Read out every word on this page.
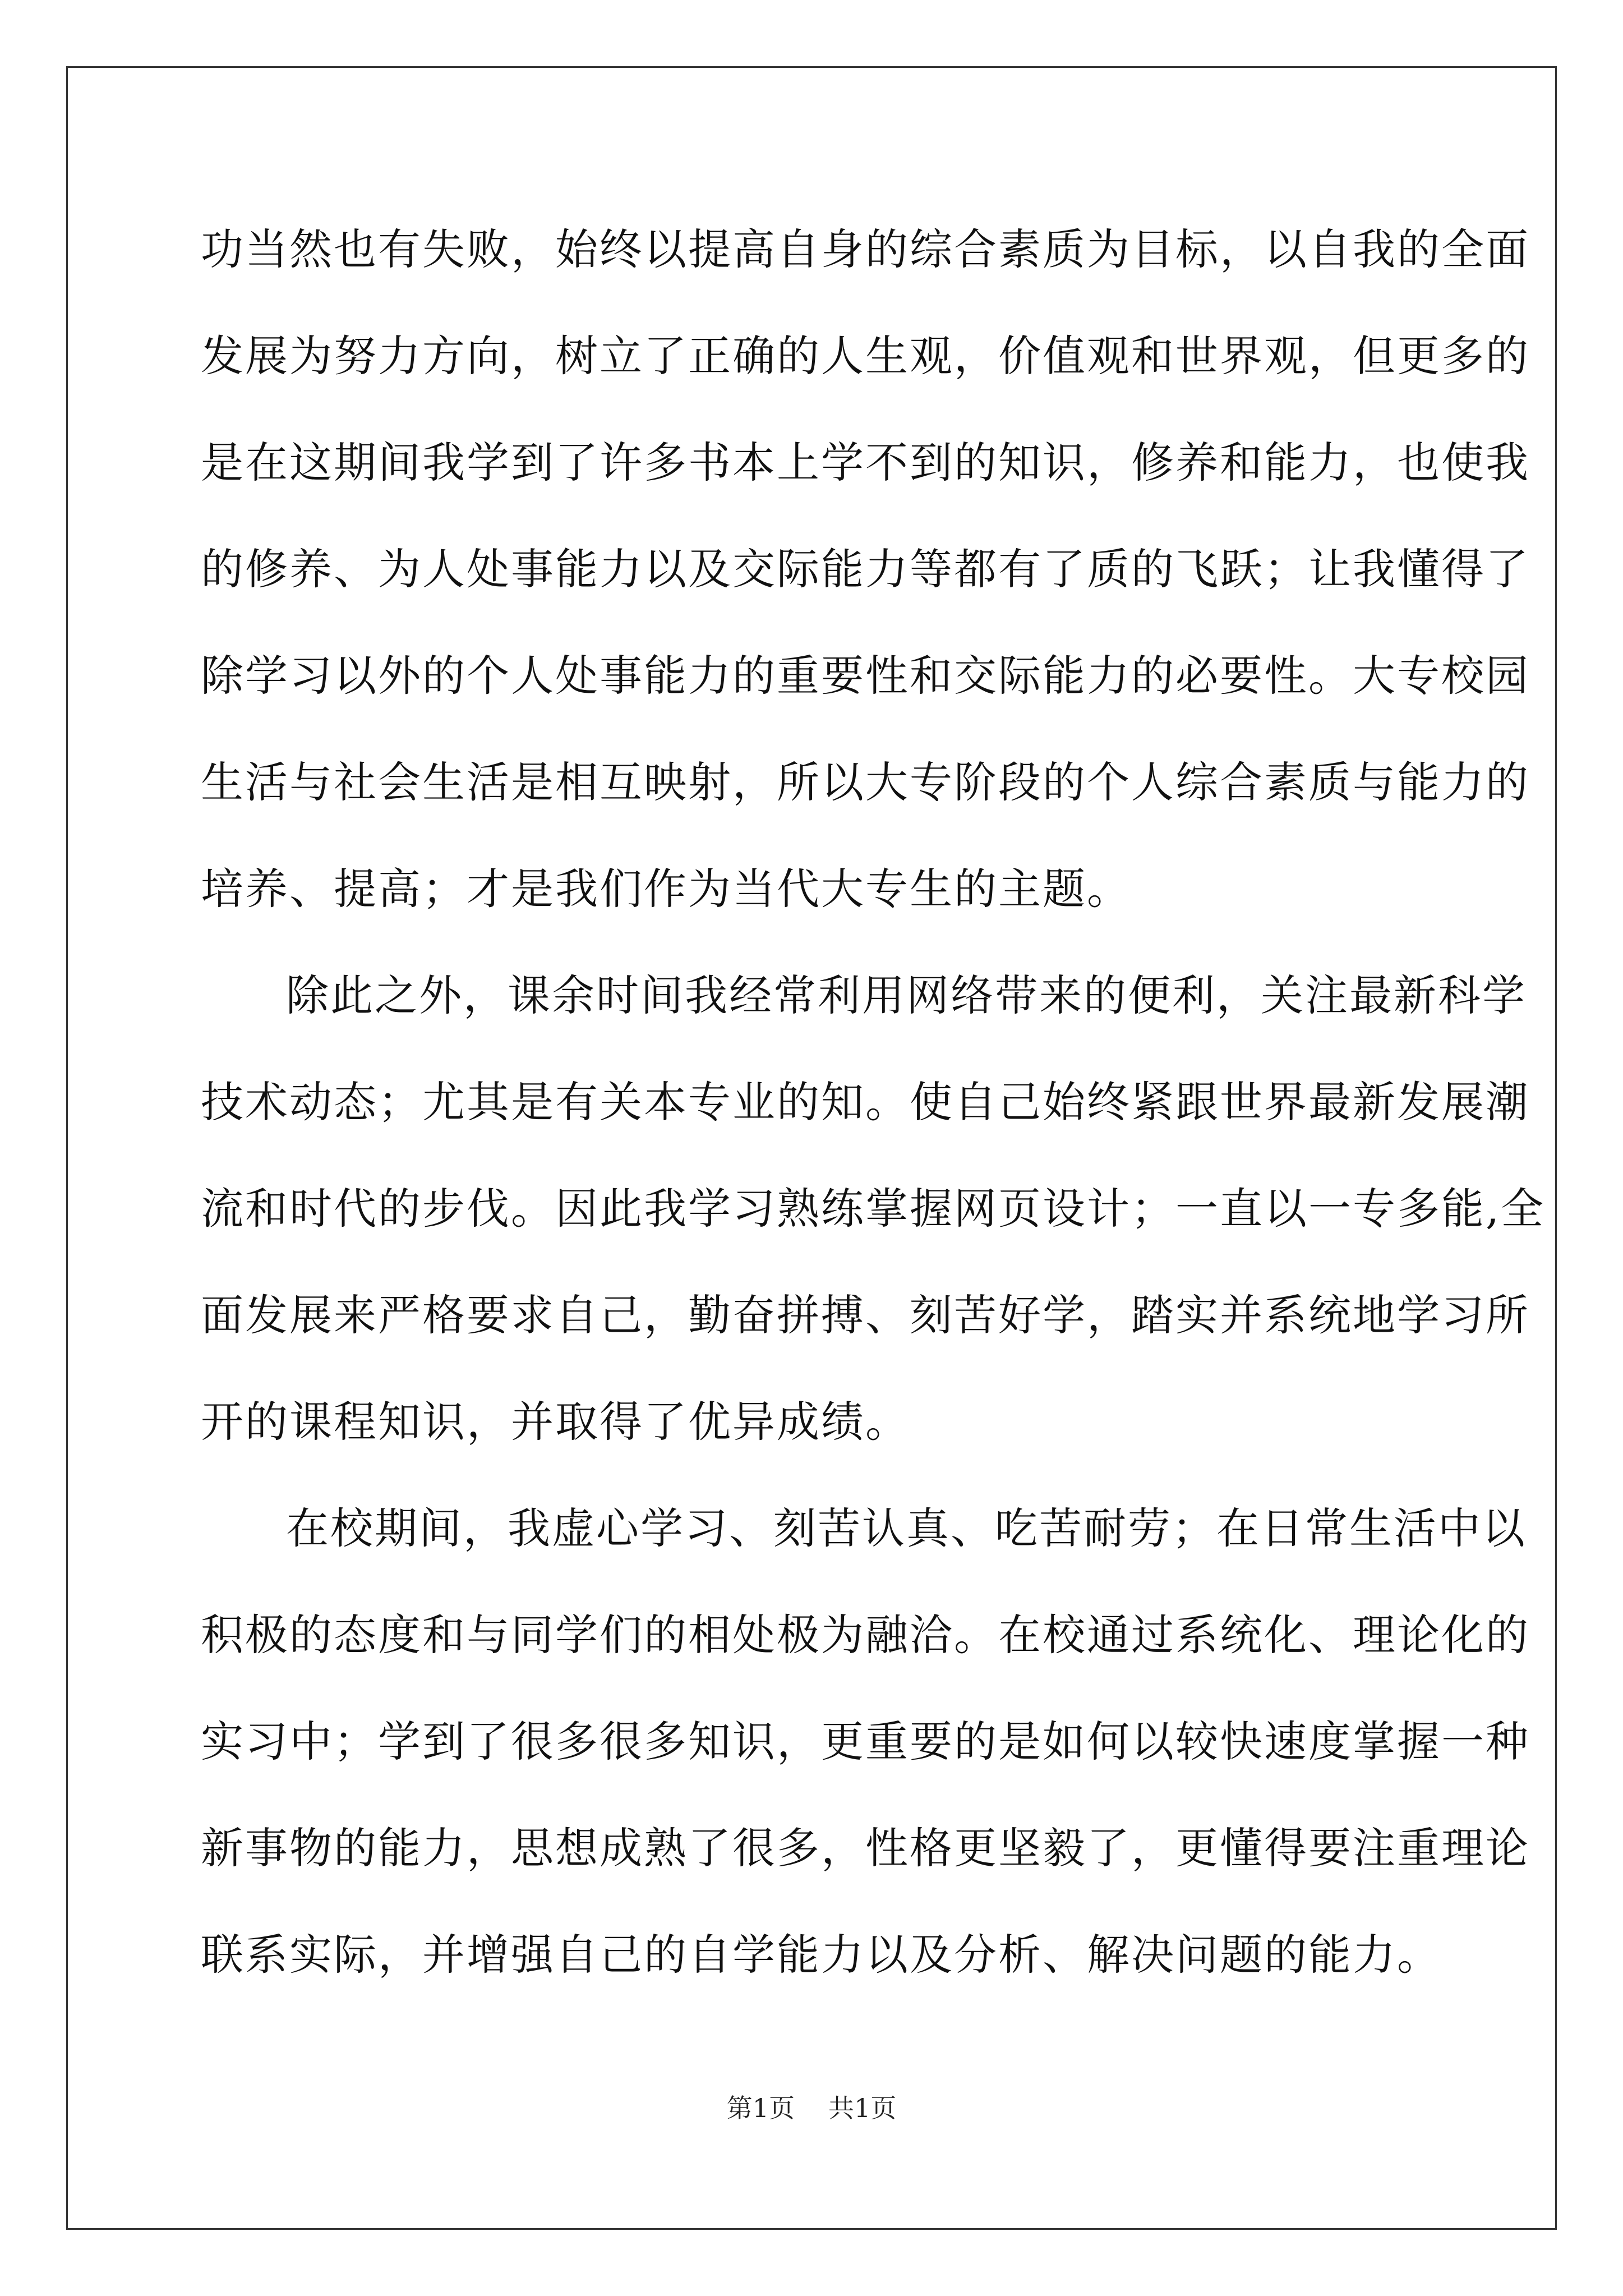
功当然也有失败，始终以提高自身的综合素质为目标，以自我的全面
发展为努力方向，树立了正确的人生观，价值观和世界观，但更多的
是在这期间我学到了许多书本上学不到的知识，修养和能力，也使我
的修养、为人处事能力以及交际能力等都有了质的飞跃；让我懂得了
除学习以外的个人处事能力的重要性和交际能力的必要性。大专校园
生活与社会生活是相互映射，所以大专阶段的个人综合素质与能力的
培养、提高；才是我们作为当代大专生的主题。
除此之外，课余时间我经常利用网络带来的便利，关注最新科学
技术动态；尤其是有关本专业的知。使自己始终紧跟世界最新发展潮
流和时代的步伐。因此我学习熟练掌握网页设计；一直以一专多能,全
面发展来严格要求自己，勤奋拼搏、刻苦好学，踏实并系统地学习所
开的课程知识，并取得了优异成绩。
在校期间，我虚心学习、刻苦认真、吃苦耐劳；在日常生活中以
积极的态度和与同学们的相处极为融洽。在校通过系统化、理论化的
实习中；学到了很多很多知识，更重要的是如何以较快速度掌握一种
新事物的能力，思想成熟了很多，性格更坚毅了，更懂得要注重理论
联系实际，并增强自己的自学能力以及分析、解决问题的能力。
第1页 共1页
